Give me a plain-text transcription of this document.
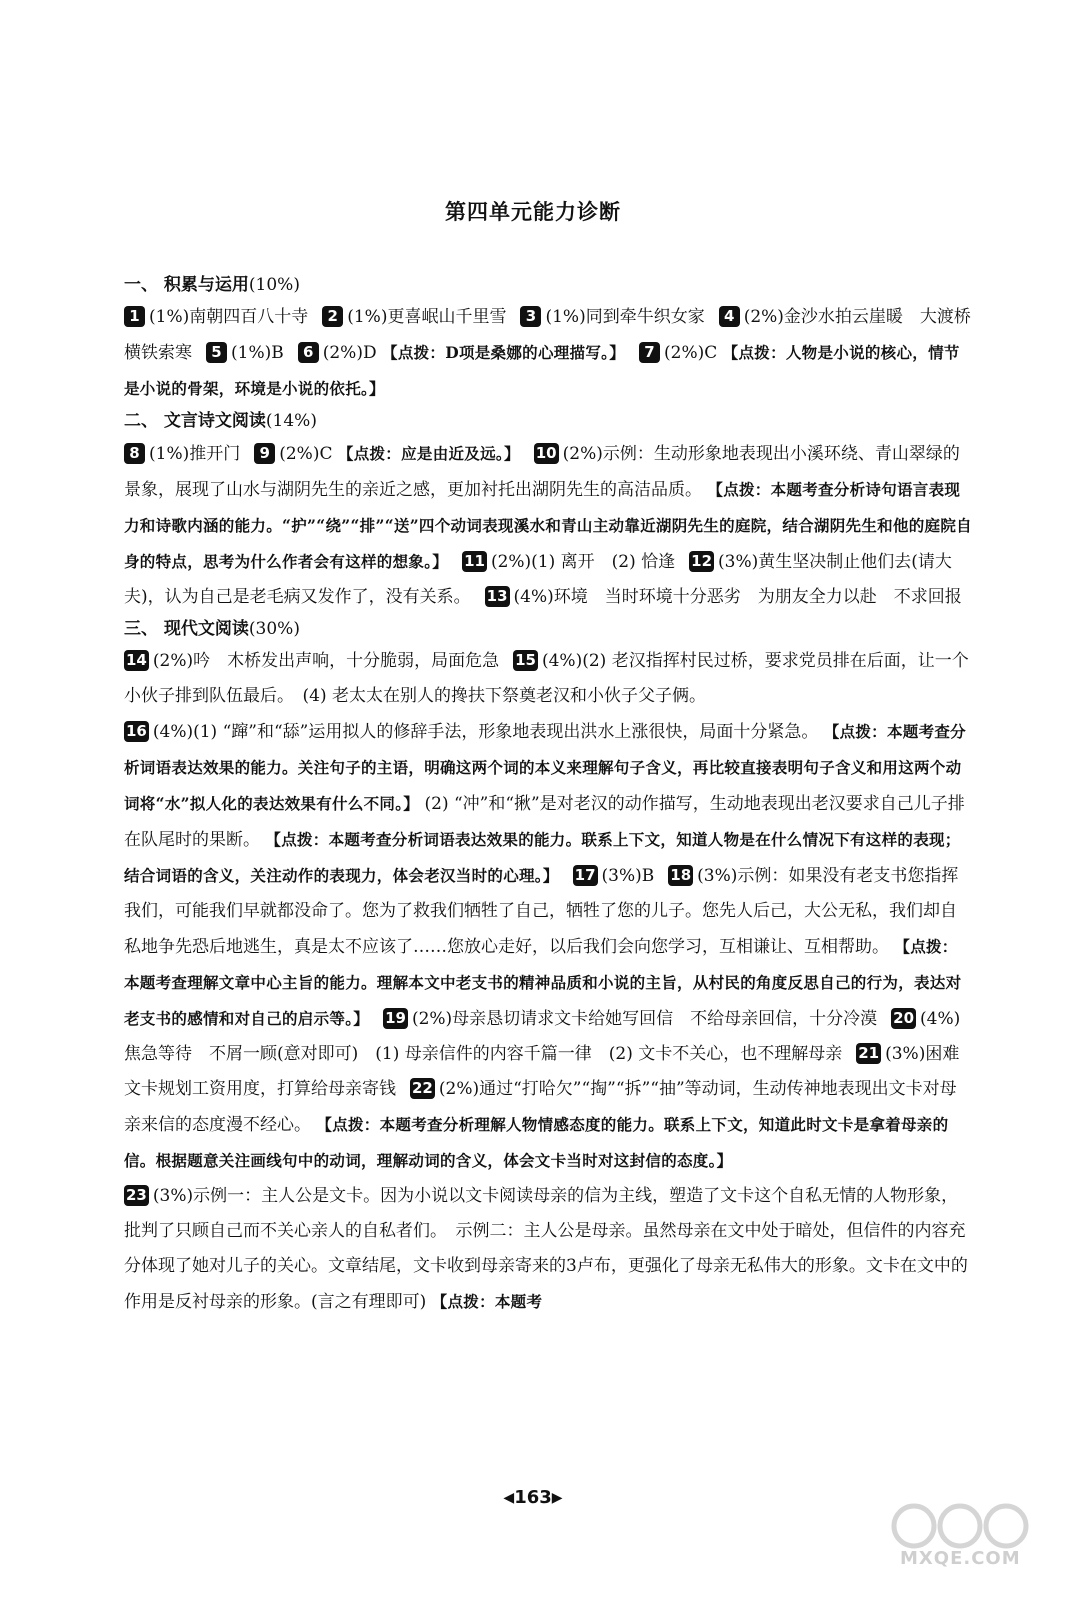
第四单元能力诊断
一、 积累与运用(10%)
1 (1%)南朝四百八十寺 2 (1%)更喜岷山千里雪 3 (1%)同到牵牛织女家 4 (2%)金沙水拍云崖暖　大渡桥横铁索寒 5 (1%)B 6 (2%)D 【点拨：D项是桑娜的心理描写。】 7 (2%)C 【点拨：人物是小说的核心，情节是小说的骨架，环境是小说的依托。】
二、 文言诗文阅读(14%)
8 (1%)推开门 9 (2%)C 【点拨：应是由近及远。】 10 (2%)示例：生动形象地表现出小溪环绕、青山翠绿的景象，展现了山水与湖阴先生的亲近之感，更加衬托出湖阴先生的高洁品质。 【点拨：本题考查分析诗句语言表现力和诗歌内涵的能力。“护”“绕”“排”“送”四个动词表现溪水和青山主动靠近湖阴先生的庭院，结合湖阴先生和他的庭院自身的特点，思考为什么作者会有这样的想象。】 11 (2%)(1) 离开　(2) 恰逢 12 (3%)黄生坚决制止他们去(请大夫)，认为自己是老毛病又发作了，没有关系。 13 (4%)环境　当时环境十分恶劣　为朋友全力以赴　不求回报
三、 现代文阅读(30%)
14 (2%)吟　木桥发出声响，十分脆弱，局面危急 15 (4%)(2) 老汉指挥村民过桥，要求党员排在后面，让一个小伙子排到队伍最后。　(4) 老太太在别人的搀扶下祭奠老汉和小伙子父子俩。
16 (4%)(1) “蹿”和“舔”运用拟人的修辞手法，形象地表现出洪水上涨很快，局面十分紧急。 【点拨：本题考查分析词语表达效果的能力。关注句子的主语，明确这两个词的本义来理解句子含义，再比较直接表明句子含义和用这两个动词将“水”拟人化的表达效果有什么不同。】 (2) “冲”和“揪”是对老汉的动作描写，生动地表现出老汉要求自己儿子排在队尾时的果断。 【点拨：本题考查分析词语表达效果的能力。联系上下文，知道人物是在什么情况下有这样的表现；结合词语的含义，关注动作的表现力，体会老汉当时的心理。】 17 (3%)B 18 (3%)示例：如果没有老支书您指挥我们，可能我们早就都没命了。您为了救我们牺牲了自己，牺牲了您的儿子。您先人后己，大公无私，我们却自私地争先恐后地逃生，真是太不应该了……您放心走好，以后我们会向您学习，互相谦让、互相帮助。 【点拨：本题考查理解文章中心主旨的能力。理解本文中老支书的精神品质和小说的主旨，从村民的角度反思自己的行为，表达对老支书的感情和对自己的启示等。】 19 (2%)母亲恳切请求文卡给她写回信　不给母亲回信，十分冷漠 20 (4%)焦急等待　不屑一顾(意对即可)　(1) 母亲信件的内容千篇一律　(2) 文卡不关心，也不理解母亲 21 (3%)困难　文卡规划工资用度，打算给母亲寄钱 22 (2%)通过“打哈欠”“掏”“拆”“抽”等动词，生动传神地表现出文卡对母亲来信的态度漫不经心。 【点拨：本题考查分析理解人物情感态度的能力。联系上下文，知道此时文卡是拿着母亲的信。根据题意关注画线句中的动词，理解动词的含义，体会文卡当时对这封信的态度。】
23 (3%)示例一：主人公是文卡。因为小说以文卡阅读母亲的信为主线，塑造了文卡这个自私无情的人物形象，批判了只顾自己而不关心亲人的自私者们。　示例二：主人公是母亲。虽然母亲在文中处于暗处，但信件的内容充分体现了她对儿子的关心。文章结尾，文卡收到母亲寄来的3卢布，更强化了母亲无私伟大的形象。文卡在文中的作用是反衬母亲的形象。(言之有理即可) 【点拨：本题考
◀163▶
MXQE.COM
